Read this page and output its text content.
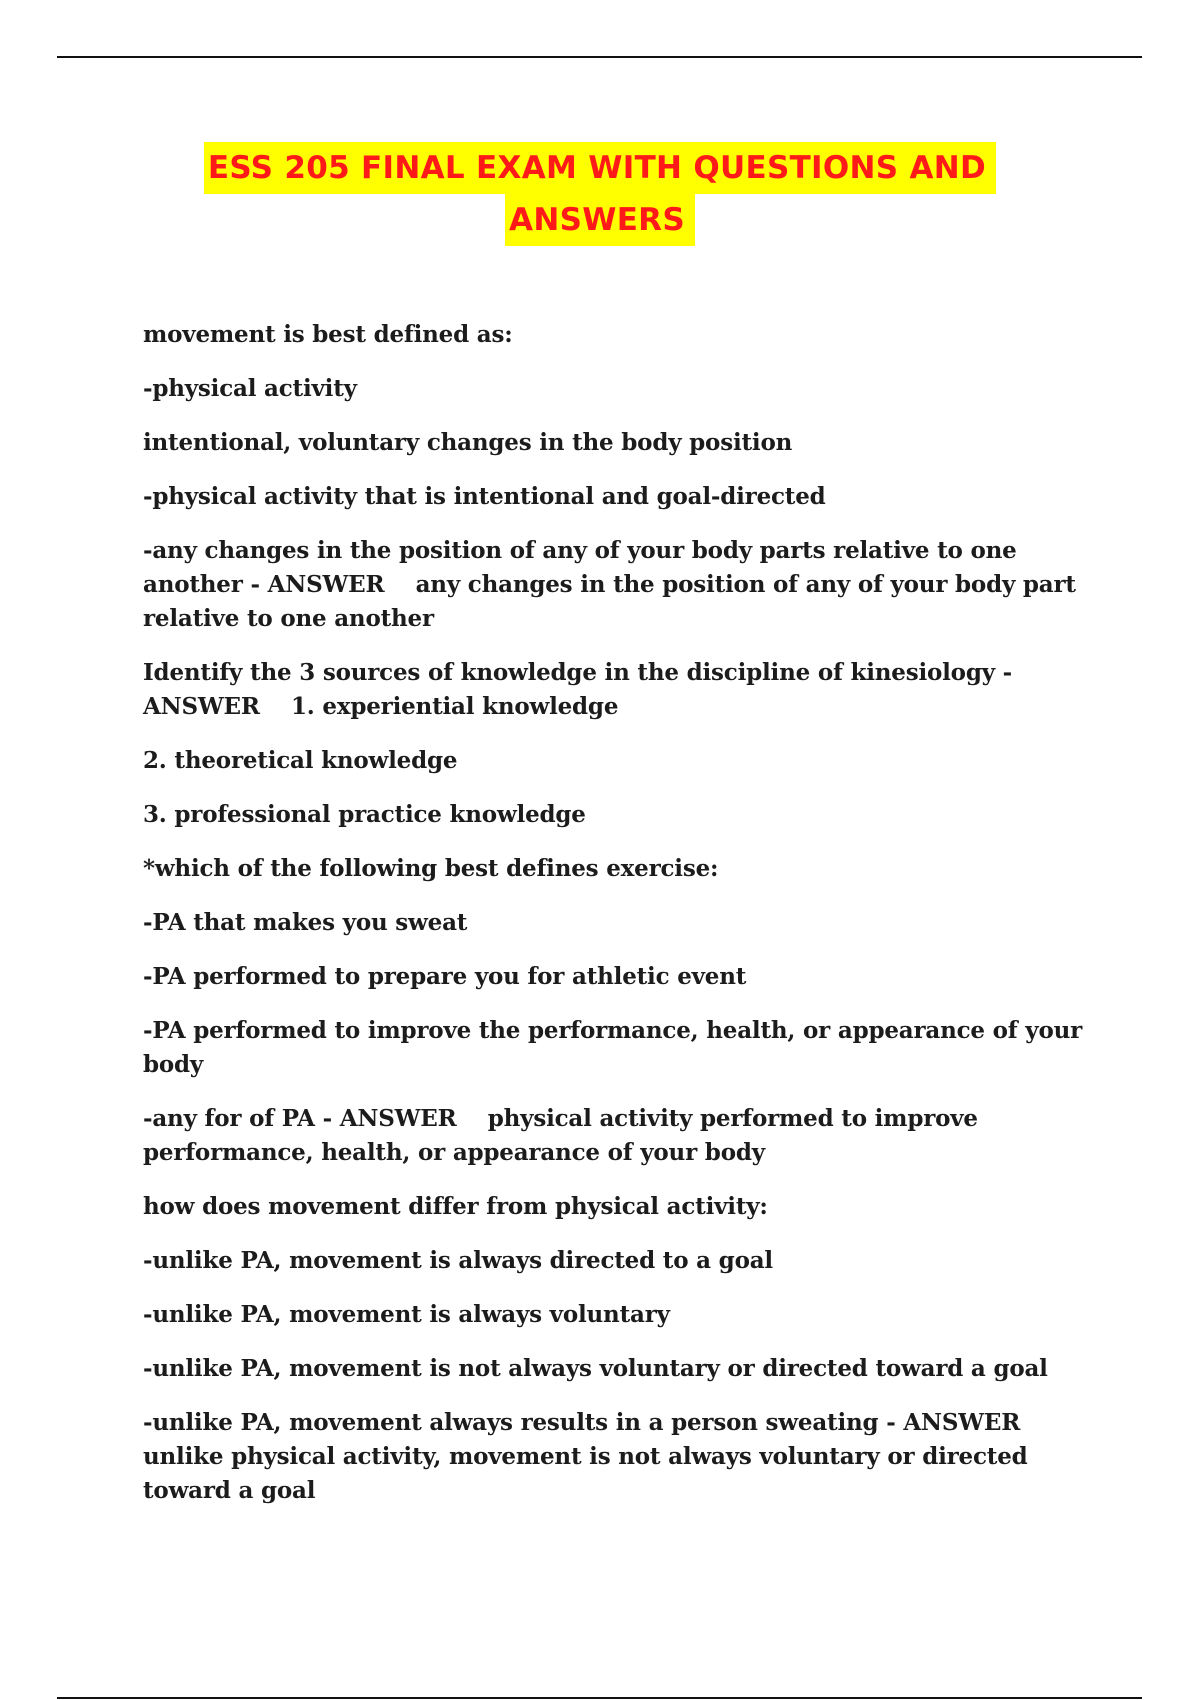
ESS 205 FINAL EXAM WITH QUESTIONS AND
ANSWERS

movement is best defined as:

-physical activity

intentional, voluntary changes in the body position

-physical activity that is intentional and goal-directed

-any changes in the position of any of your body parts relative to one another - ANSWER    any changes in the position of any of your body part relative to one another

Identify the 3 sources of knowledge in the discipline of kinesiology - ANSWER    1. experiential knowledge

2. theoretical knowledge

3. professional practice knowledge

*which of the following best defines exercise:

-PA that makes you sweat

-PA performed to prepare you for athletic event

-PA performed to improve the performance, health, or appearance of your body

-any for of PA - ANSWER    physical activity performed to improve performance, health, or appearance of your body

how does movement differ from physical activity:

-unlike PA, movement is always directed to a goal

-unlike PA, movement is always voluntary

-unlike PA, movement is not always voluntary or directed toward a goal

-unlike PA, movement always results in a person sweating - ANSWER    unlike physical activity, movement is not always voluntary or directed toward a goal
